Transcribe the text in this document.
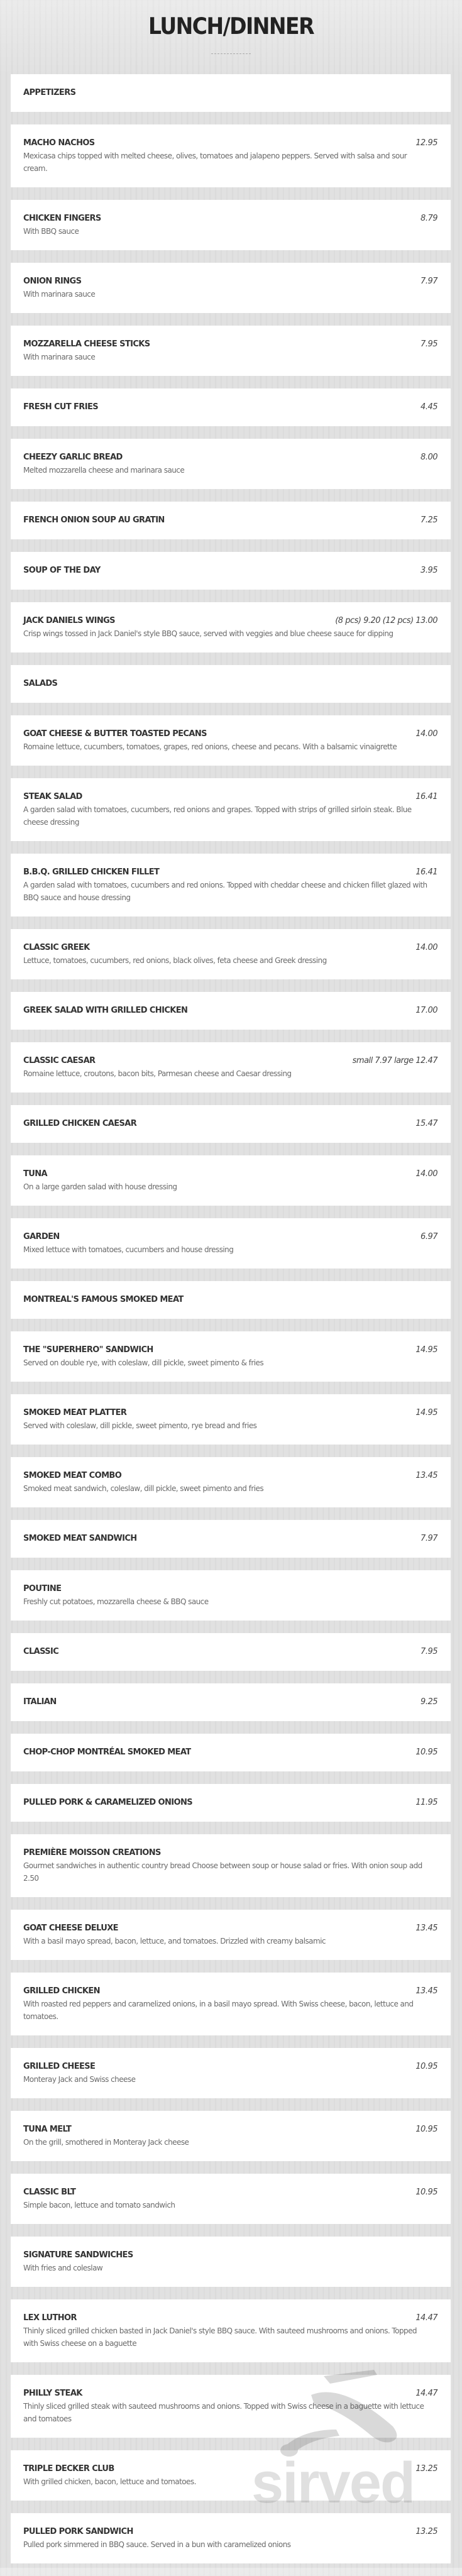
LUNCH/DINNER
APPETIZERS
MACHO NACHOS	12.95
Mexicasa chips topped with melted cheese, olives, tomatoes and jalapeno peppers. Served with salsa and sour cream.
CHICKEN FINGERS	8.79
With BBQ sauce
ONION RINGS	7.97
With marinara sauce
MOZZARELLA CHEESE STICKS	7.95
With marinara sauce
FRESH CUT FRIES	4.45
CHEEZY GARLIC BREAD	8.00
Melted mozzarella cheese and marinara sauce
FRENCH ONION SOUP AU GRATIN	7.25
SOUP OF THE DAY	3.95
JACK DANIELS WINGS	(8 pcs) 9.20 (12 pcs) 13.00
Crisp wings tossed in Jack Daniel's style BBQ sauce, served with veggies and blue cheese sauce for dipping
SALADS
GOAT CHEESE & BUTTER TOASTED PECANS	14.00
Romaine lettuce, cucumbers, tomatoes, grapes, red onions, cheese and pecans. With a balsamic vinaigrette
STEAK SALAD	16.41
A garden salad with tomatoes, cucumbers, red onions and grapes. Topped with strips of grilled sirloin steak. Blue cheese dressing
B.B.Q. GRILLED CHICKEN FILLET	16.41
A garden salad with tomatoes, cucumbers and red onions. Topped with cheddar cheese and chicken fillet glazed with BBQ sauce and house dressing
CLASSIC GREEK	14.00
Lettuce, tomatoes, cucumbers, red onions, black olives, feta cheese and Greek dressing
GREEK SALAD WITH GRILLED CHICKEN	17.00
CLASSIC CAESAR	small 7.97 large 12.47
Romaine lettuce, croutons, bacon bits, Parmesan cheese and Caesar dressing
GRILLED CHICKEN CAESAR	15.47
TUNA	14.00
On a large garden salad with house dressing
GARDEN	6.97
Mixed lettuce with tomatoes, cucumbers and house dressing
MONTREAL'S FAMOUS SMOKED MEAT
THE "SUPERHERO" SANDWICH	14.95
Served on double rye, with coleslaw, dill pickle, sweet pimento & fries
SMOKED MEAT PLATTER	14.95
Served with coleslaw, dill pickle, sweet pimento, rye bread and fries
SMOKED MEAT COMBO	13.45
Smoked meat sandwich, coleslaw, dill pickle, sweet pimento and fries
SMOKED MEAT SANDWICH	7.97
POUTINE
Freshly cut potatoes, mozzarella cheese & BBQ sauce
CLASSIC	7.95
ITALIAN	9.25
CHOP-CHOP MONTRÉAL SMOKED MEAT	10.95
PULLED PORK & CARAMELIZED ONIONS	11.95
PREMIÈRE MOISSON CREATIONS
Gourmet sandwiches in authentic country bread Choose between soup or house salad or fries. With onion soup add 2.50
GOAT CHEESE DELUXE	13.45
With a basil mayo spread, bacon, lettuce, and tomatoes. Drizzled with creamy balsamic
GRILLED CHICKEN	13.45
With roasted red peppers and caramelized onions, in a basil mayo spread. With Swiss cheese, bacon, lettuce and tomatoes.
GRILLED CHEESE	10.95
Monteray Jack and Swiss cheese
TUNA MELT	10.95
On the grill, smothered in Monteray Jack cheese
CLASSIC BLT	10.95
Simple bacon, lettuce and tomato sandwich
SIGNATURE SANDWICHES
With fries and coleslaw
LEX LUTHOR	14.47
Thinly sliced grilled chicken basted in Jack Daniel's style BBQ sauce. With sauteed mushrooms and onions. Topped with Swiss cheese on a baguette
PHILLY STEAK	14.47
Thinly sliced grilled steak with sauteed mushrooms and onions. Topped with Swiss cheese in a baguette with lettuce and tomatoes
TRIPLE DECKER CLUB	13.25
With grilled chicken, bacon, lettuce and tomatoes.
PULLED PORK SANDWICH	13.25
Pulled pork simmered in BBQ sauce. Served in a bun with caramelized onions
sirved
